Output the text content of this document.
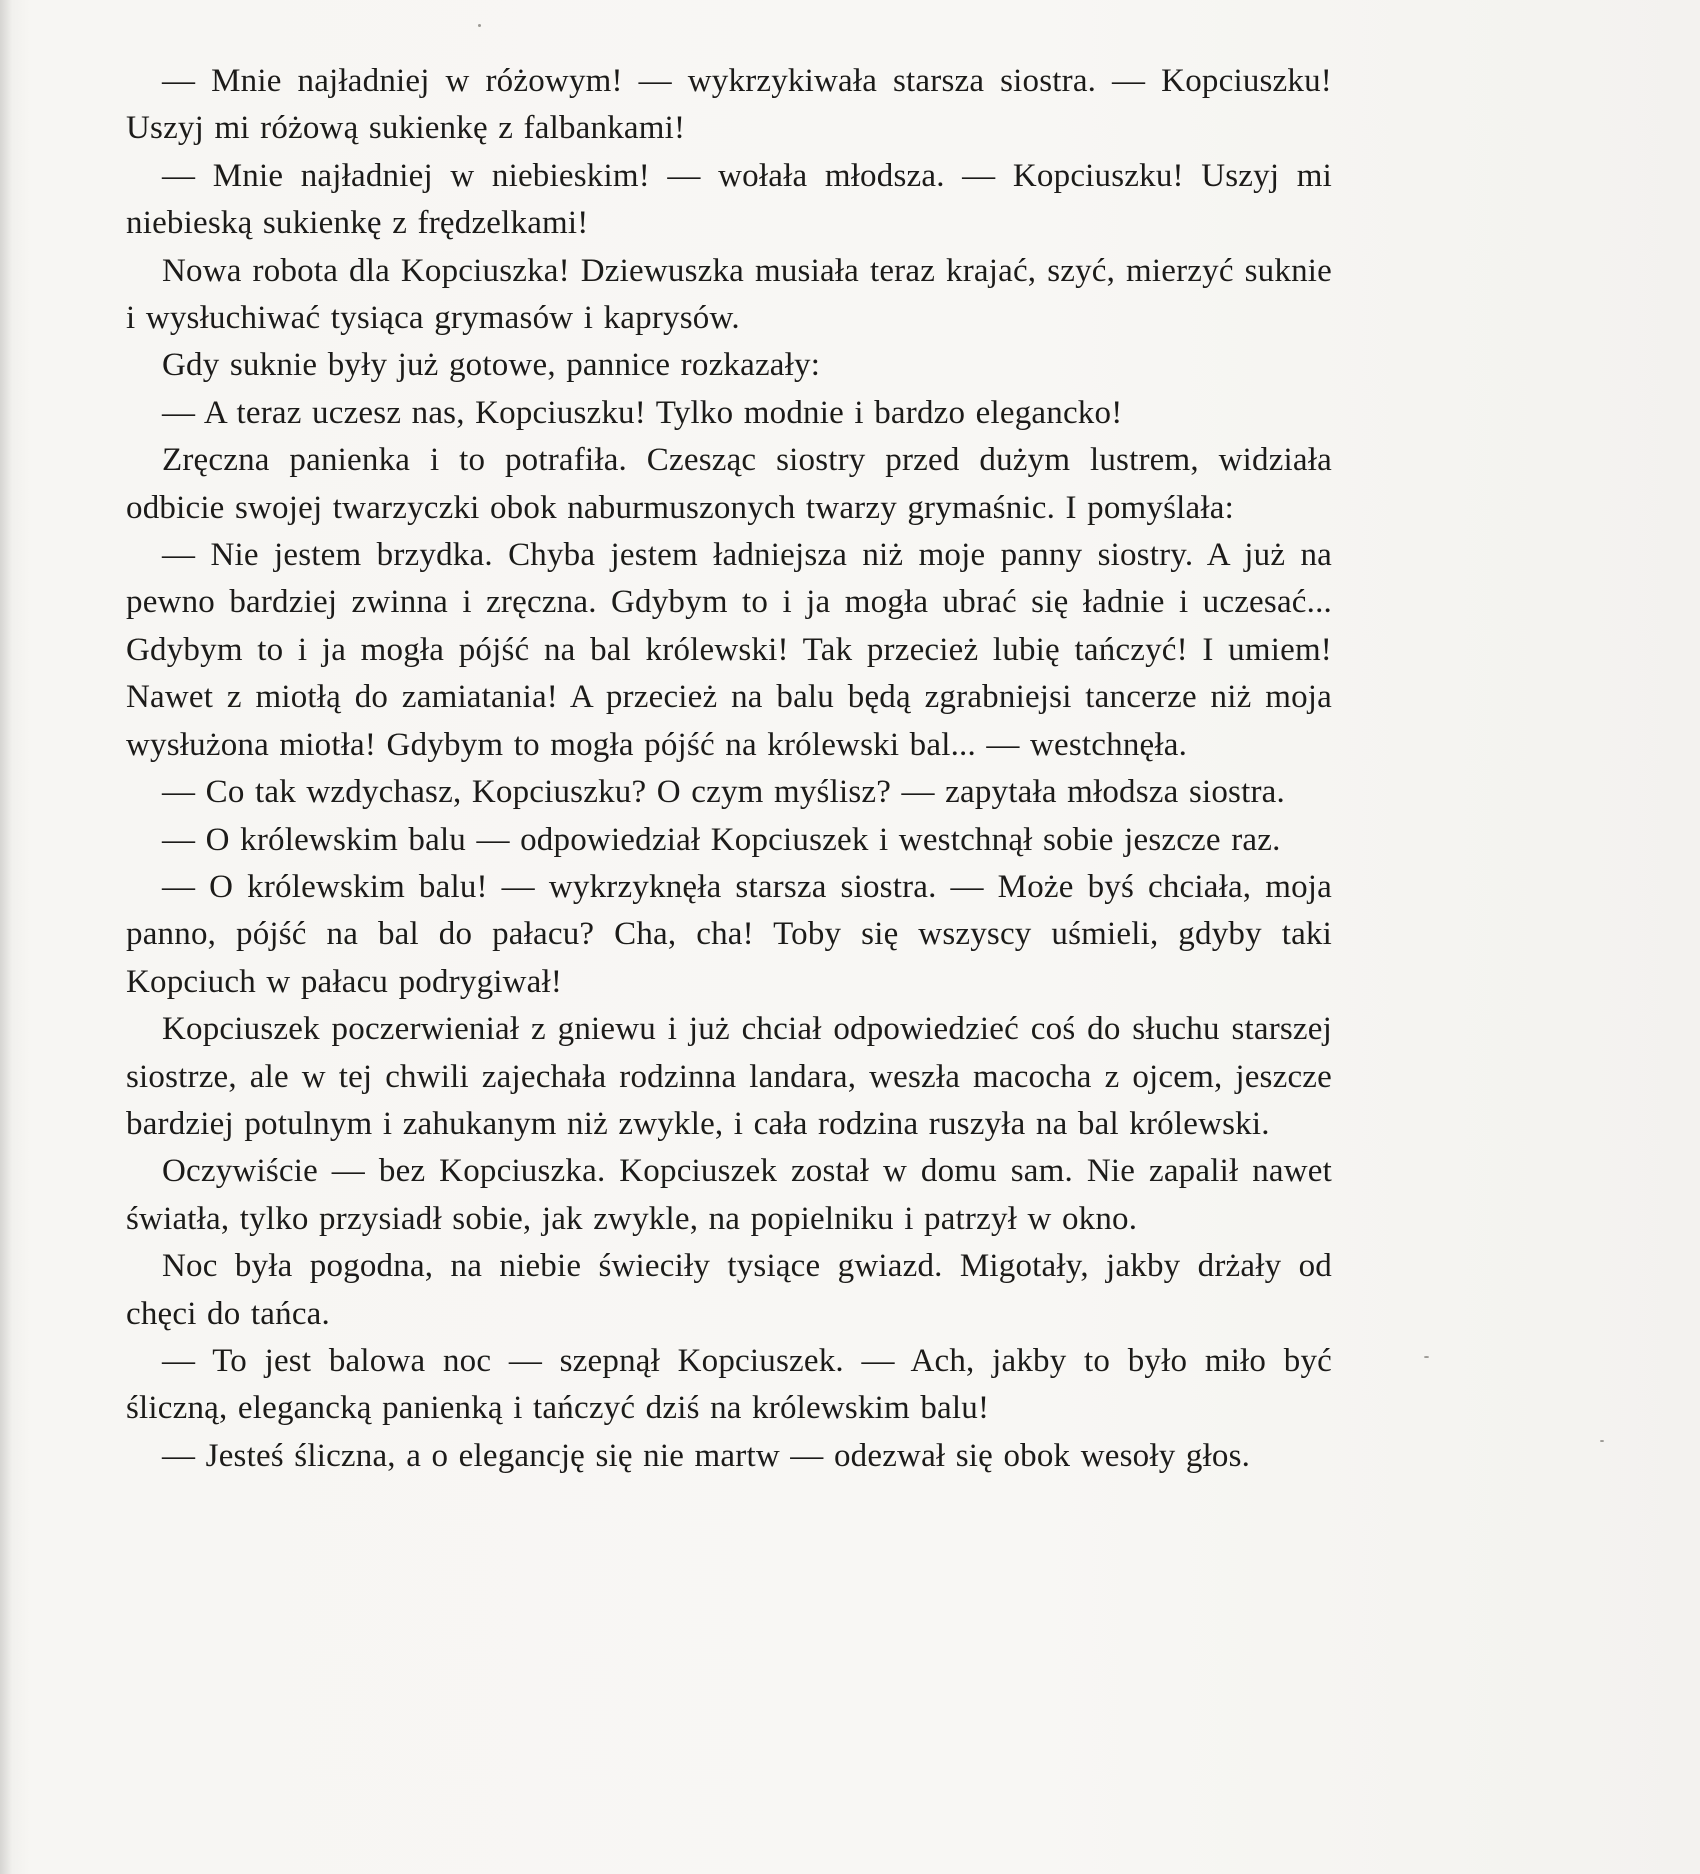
— Mnie najładniej w różowym! — wykrzykiwała starsza siostra. — Kopciuszku! Uszyj mi różową sukienkę z falbankami!

— Mnie najładniej w niebieskim! — wołała młodsza. — Kopciuszku! Uszyj mi niebieską sukienkę z frędzelkami!

Nowa robota dla Kopciuszka! Dziewuszka musiała teraz krajać, szyć, mierzyć suknie i wysłuchiwać tysiąca grymasów i kaprysów.

Gdy suknie były już gotowe, pannice rozkazały:

— A teraz uczesz nas, Kopciuszku! Tylko modnie i bardzo elegancko!

Zręczna panienka i to potrafiła. Czesząc siostry przed dużym lustrem, widziała odbicie swojej twarzyczki obok naburmuszonych twarzy grymaśnic. I pomyślała:

— Nie jestem brzydka. Chyba jestem ładniejsza niż moje panny siostry. A już na pewno bardziej zwinna i zręczna. Gdybym to i ja mogła ubrać się ładnie i uczesać... Gdybym to i ja mogła pójść na bal królewski! Tak przecież lubię tańczyć! I umiem! Nawet z miotłą do zamiatania! A przecież na balu będą zgrabniejsi tancerze niż moja wysłużona miotła! Gdybym to mogła pójść na królewski bal... — westchnęła.

— Co tak wzdychasz, Kopciuszku? O czym myślisz? — zapytała młodsza siostra.

— O królewskim balu — odpowiedział Kopciuszek i westchnął sobie jeszcze raz.

— O królewskim balu! — wykrzyknęła starsza siostra. — Może byś chciała, moja panno, pójść na bal do pałacu? Cha, cha! Toby się wszyscy uśmieli, gdyby taki Kopciuch w pałacu podrygiwał!

Kopciuszek poczerwieniał z gniewu i już chciał odpowiedzieć coś do słuchu starszej siostrze, ale w tej chwili zajechała rodzinna landara, weszła macocha z ojcem, jeszcze bardziej potulnym i zahukanym niż zwykle, i cała rodzina ruszyła na bal królewski.

Oczywiście — bez Kopciuszka. Kopciuszek został w domu sam. Nie zapalił nawet światła, tylko przysiadł sobie, jak zwykle, na popielniku i patrzył w okno.

Noc była pogodna, na niebie świeciły tysiące gwiazd. Migotały, jakby drżały od chęci do tańca.

— To jest balowa noc — szepnął Kopciuszek. — Ach, jakby to było miło być śliczną, elegancką panienką i tańczyć dziś na królewskim balu!

— Jesteś śliczna, a o elegancję się nie martw — odezwał się obok wesoły głos.
